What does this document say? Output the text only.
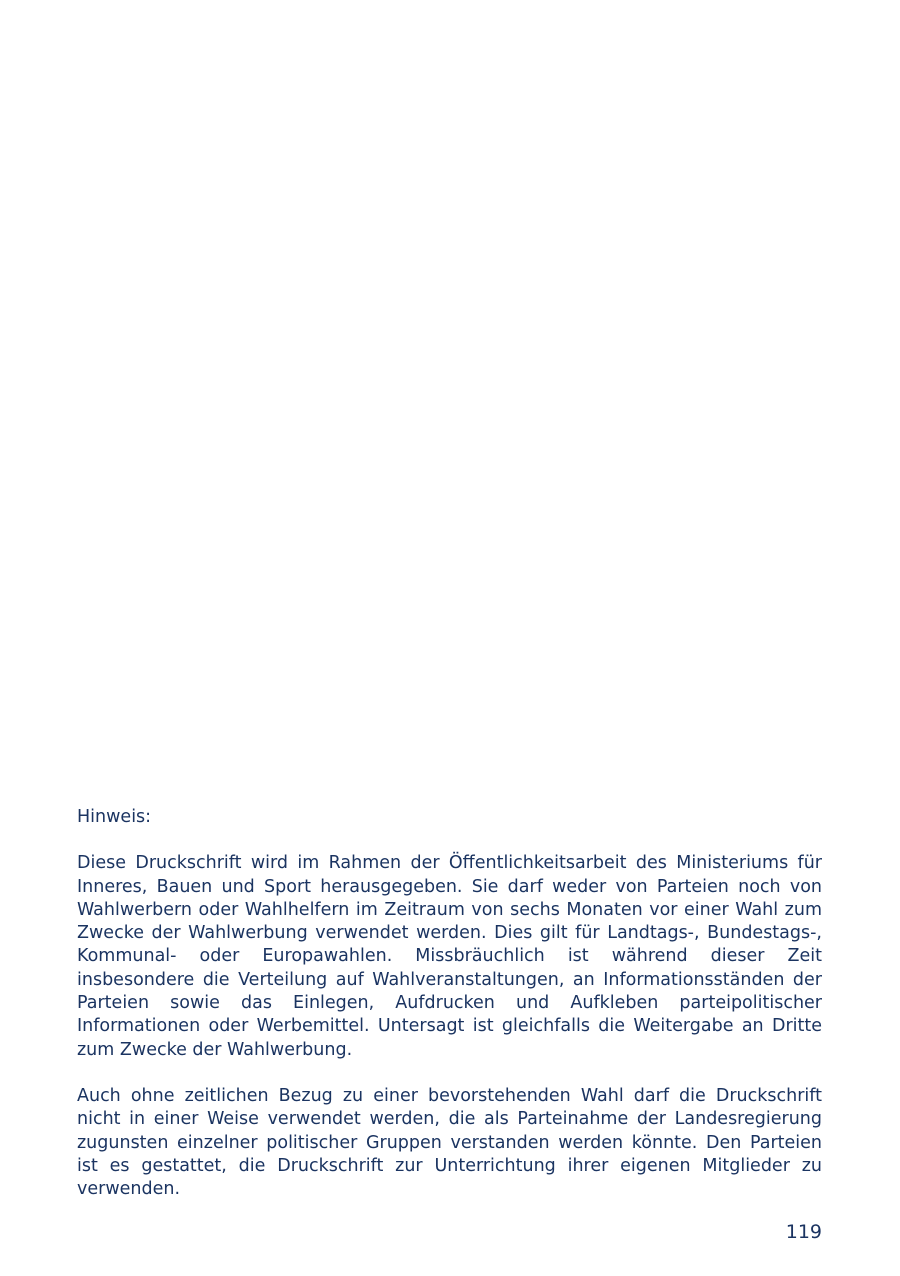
Hinweis:

Diese Druckschrift wird im Rahmen der Öffentlichkeitsarbeit des Ministeriums für Inneres, Bauen und Sport herausgegeben. Sie darf weder von Parteien noch von Wahlwerbern oder Wahlhelfern im Zeitraum von sechs Monaten vor einer Wahl zum Zwecke der Wahlwerbung verwendet werden. Dies gilt für Landtags-, Bundestags-, Kommunal- oder Europawahlen. Missbräuchlich ist während dieser Zeit insbesondere die Verteilung auf Wahlveranstaltungen, an Informationsständen der Parteien sowie das Einlegen, Aufdrucken und Aufkleben parteipolitischer Informationen oder Werbemittel. Untersagt ist gleichfalls die Weitergabe an Dritte zum Zwecke der Wahlwerbung.

Auch ohne zeitlichen Bezug zu einer bevorstehenden Wahl darf die Druckschrift nicht in einer Weise verwendet werden, die als Parteinahme der Landesregierung zugunsten einzelner politischer Gruppen verstanden werden könnte. Den Parteien ist es gestattet, die Druckschrift zur Unterrichtung ihrer eigenen Mitglieder zu verwenden.

119
